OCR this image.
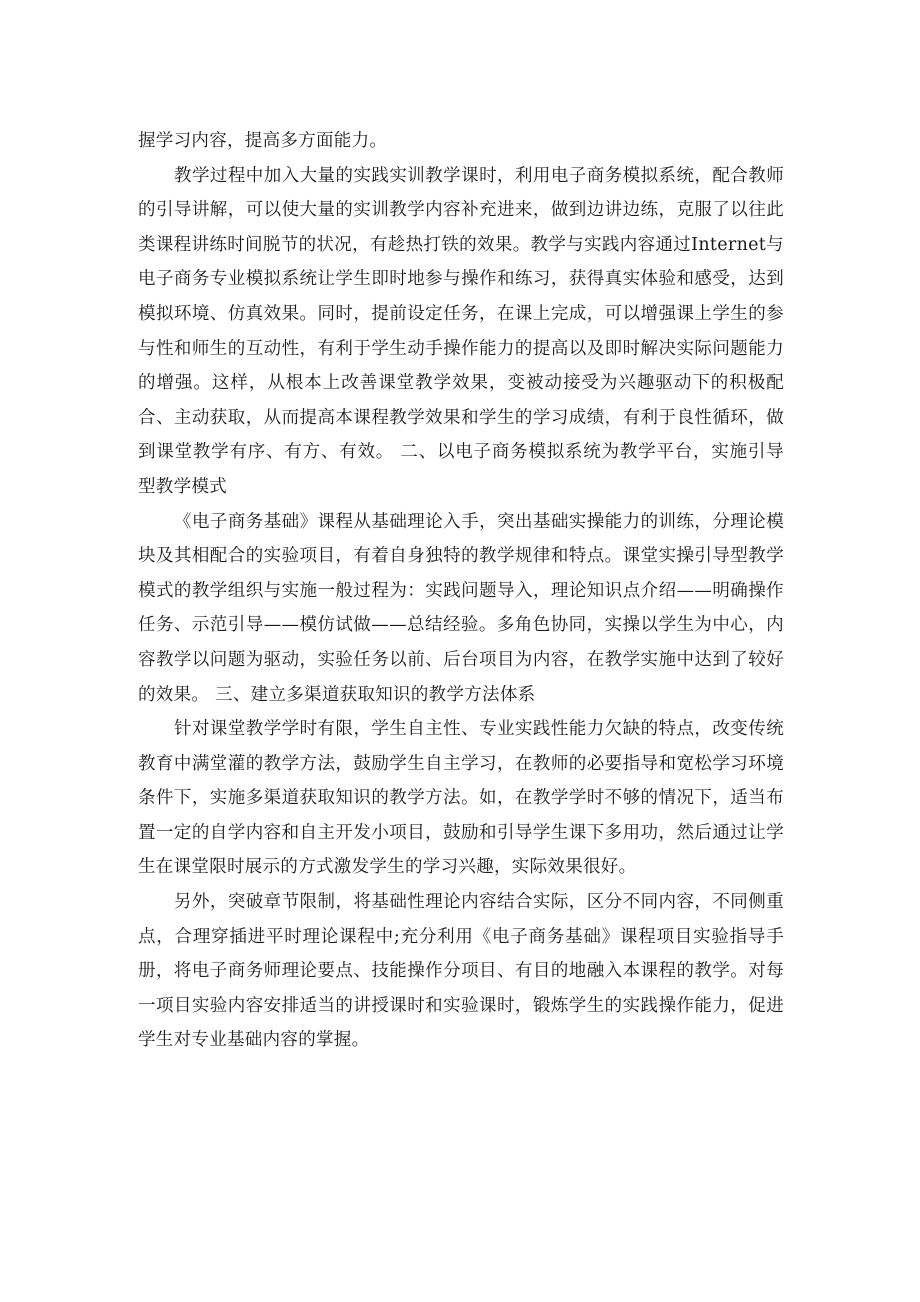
握学习内容，提高多方面能力。

教学过程中加入大量的实践实训教学课时，利用电子商务模拟系统，配合教师的引导讲解，可以使大量的实训教学内容补充进来，做到边讲边练，克服了以往此类课程讲练时间脱节的状况，有趁热打铁的效果。教学与实践内容通过Internet与电子商务专业模拟系统让学生即时地参与操作和练习，获得真实体验和感受，达到模拟环境、仿真效果。同时，提前设定任务，在课上完成，可以增强课上学生的参与性和师生的互动性，有利于学生动手操作能力的提高以及即时解决实际问题能力的增强。这样，从根本上改善课堂教学效果，变被动接受为兴趣驱动下的积极配合、主动获取，从而提高本课程教学效果和学生的学习成绩，有利于良性循环，做到课堂教学有序、有方、有效。 二、以电子商务模拟系统为教学平台，实施引导型教学模式

《电子商务基础》课程从基础理论入手，突出基础实操能力的训练，分理论模块及其相配合的实验项目，有着自身独特的教学规律和特点。课堂实操引导型教学模式的教学组织与实施一般过程为：实践问题导入，理论知识点介绍——明确操作任务、示范引导——模仿试做——总结经验。多角色协同，实操以学生为中心，内容教学以问题为驱动，实验任务以前、后台项目为内容，在教学实施中达到了较好的效果。 三、建立多渠道获取知识的教学方法体系

针对课堂教学学时有限，学生自主性、专业实践性能力欠缺的特点，改变传统教育中满堂灌的教学方法，鼓励学生自主学习，在教师的必要指导和宽松学习环境条件下，实施多渠道获取知识的教学方法。如，在教学学时不够的情况下，适当布置一定的自学内容和自主开发小项目，鼓励和引导学生课下多用功，然后通过让学生在课堂限时展示的方式激发学生的学习兴趣，实际效果很好。

另外，突破章节限制，将基础性理论内容结合实际，区分不同内容，不同侧重点，合理穿插进平时理论课程中;充分利用《电子商务基础》课程项目实验指导手册，将电子商务师理论要点、技能操作分项目、有目的地融入本课程的教学。对每一项目实验内容安排适当的讲授课时和实验课时，锻炼学生的实践操作能力，促进学生对专业基础内容的掌握。
